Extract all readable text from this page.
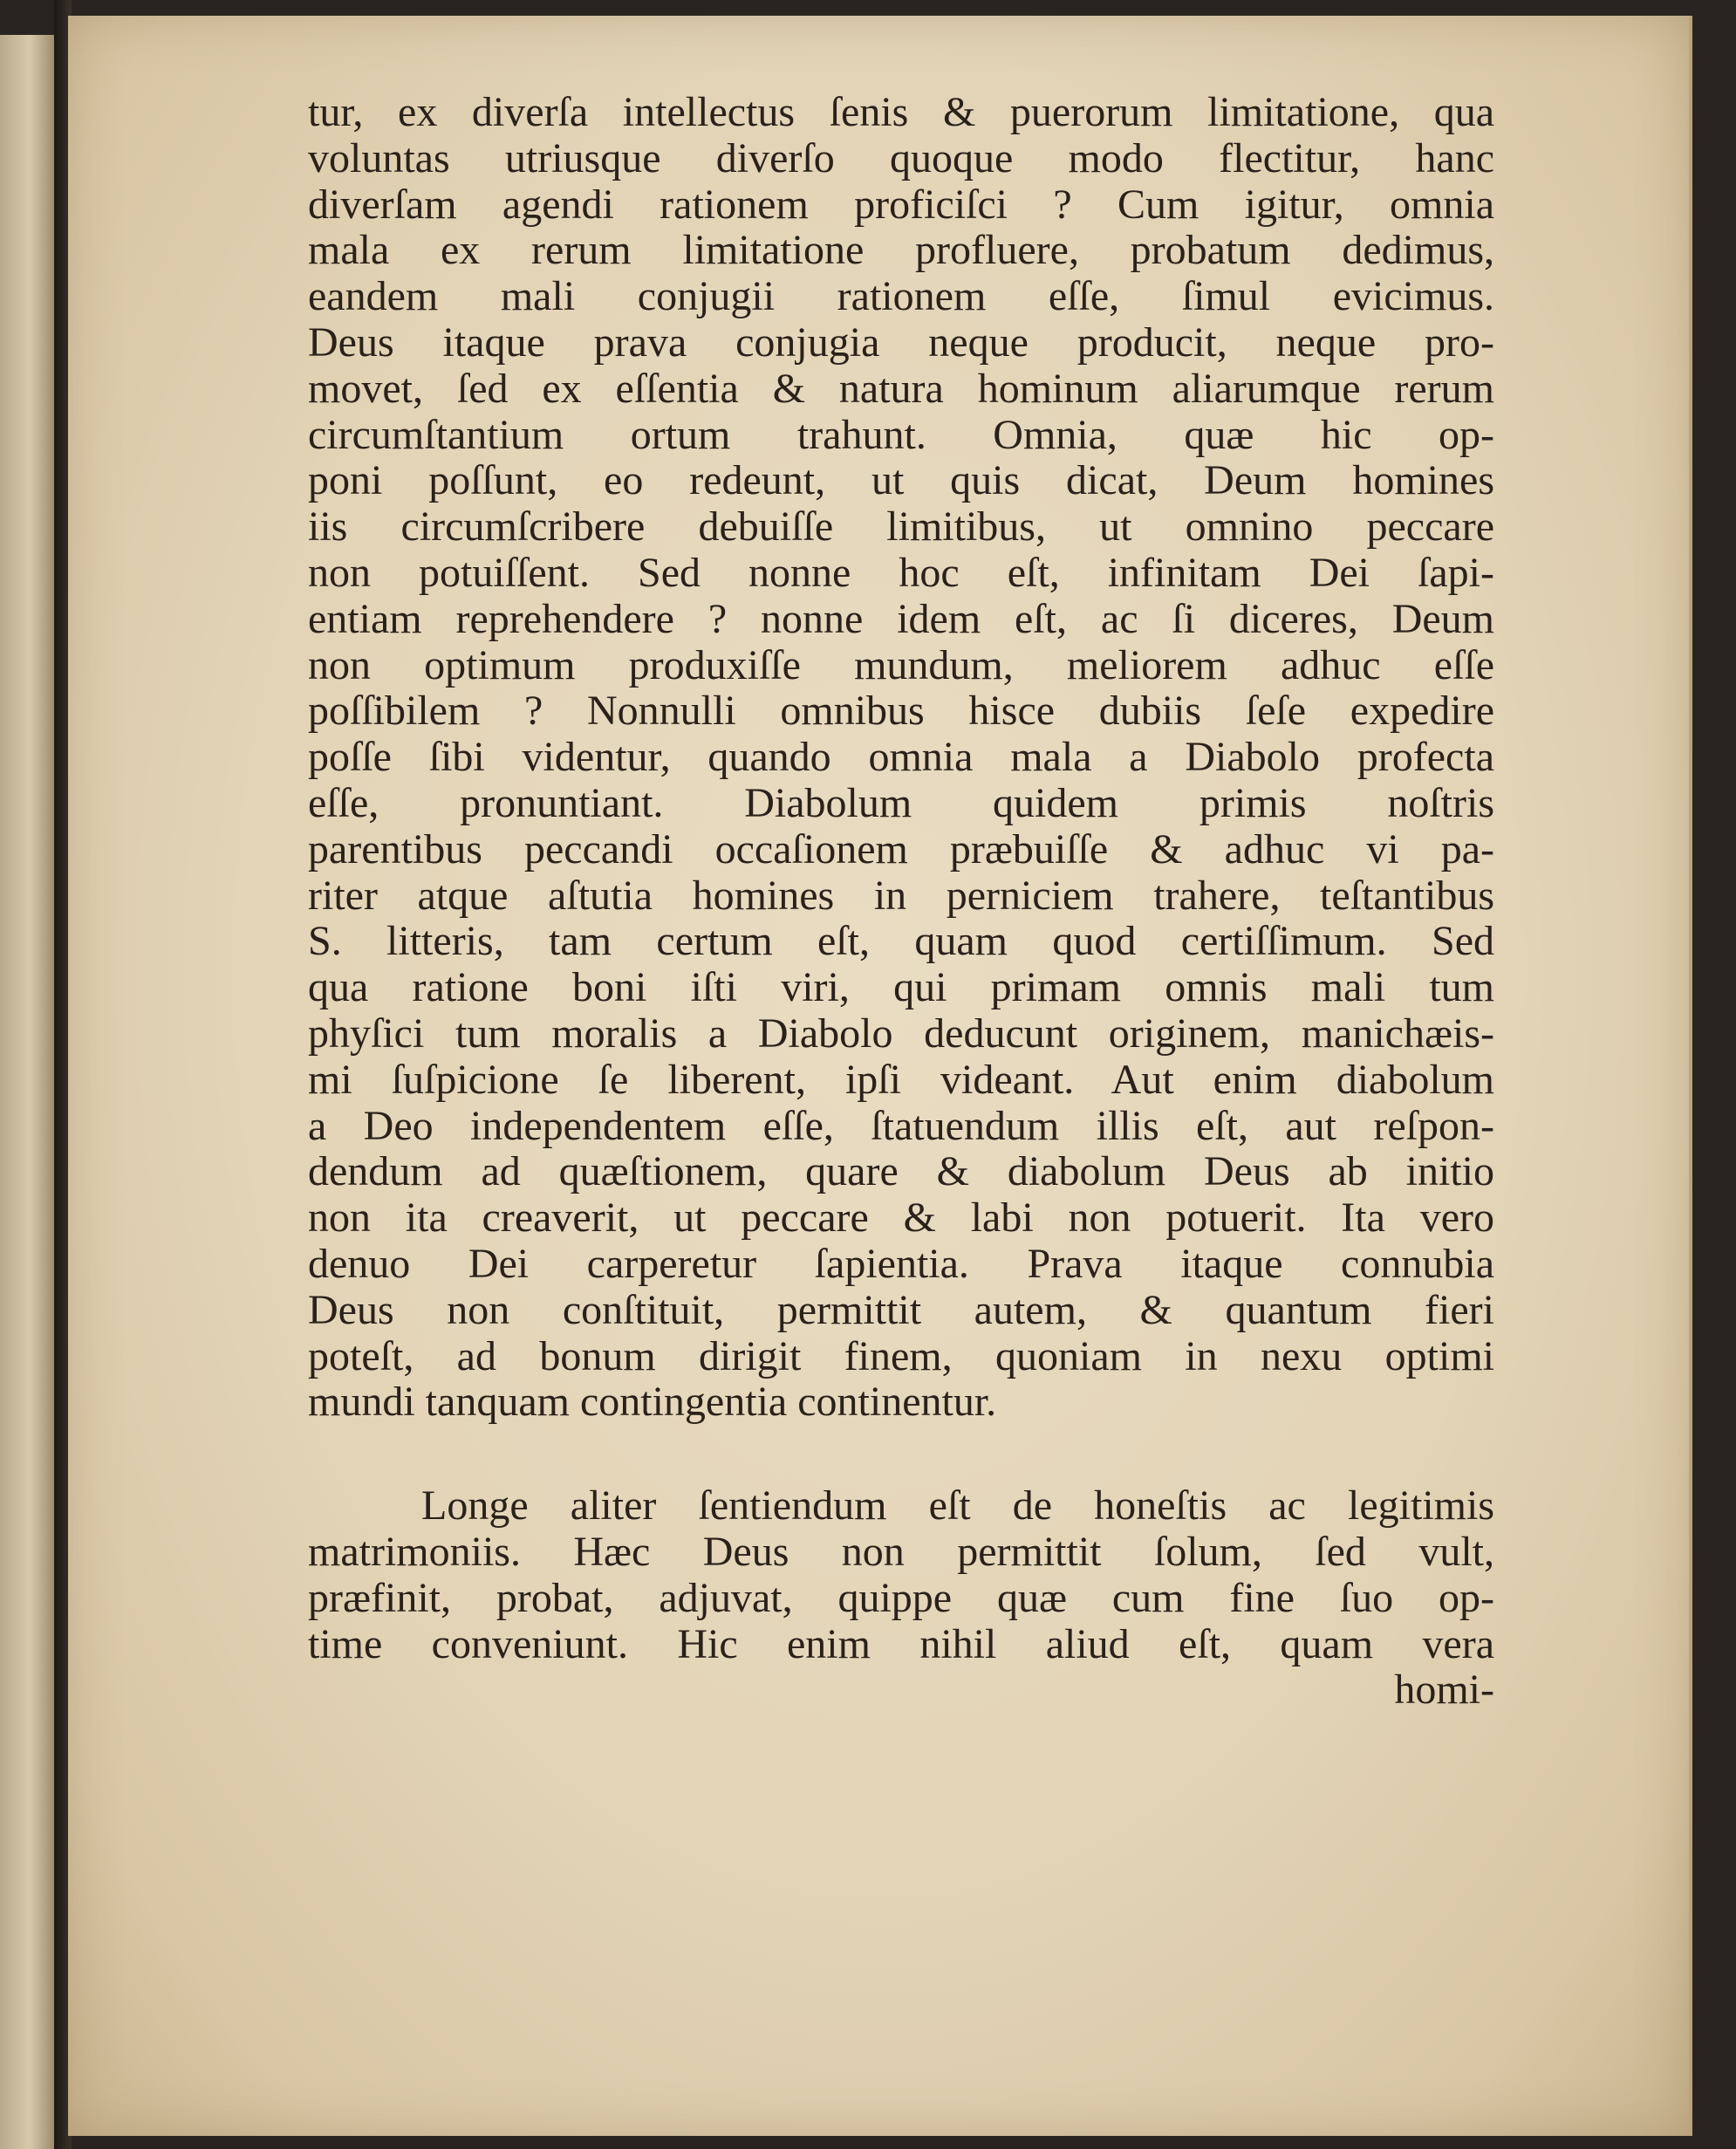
tur, ex diverſa intellectus ſenis & puerorum limitatione, qua
voluntas utriusque diverſo quoque modo flectitur, hanc
diverſam agendi rationem proficiſci ? Cum igitur, omnia
mala ex rerum limitatione profluere, probatum dedimus,
eandem mali conjugii rationem eſſe, ſimul evicimus.
Deus itaque prava conjugia neque producit, neque pro-
movet, ſed ex eſſentia & natura hominum aliarumque rerum
circumſtantium ortum trahunt. Omnia, quæ hic op-
poni poſſunt, eo redeunt, ut quis dicat, Deum homines
iis circumſcribere debuiſſe limitibus, ut omnino peccare
non potuiſſent. Sed nonne hoc eſt, infinitam Dei ſapi-
entiam reprehendere ? nonne idem eſt, ac ſi diceres, Deum
non optimum produxiſſe mundum, meliorem adhuc eſſe
poſſibilem ? Nonnulli omnibus hisce dubiis ſeſe expedire
poſſe ſibi videntur, quando omnia mala a Diabolo profecta
eſſe, pronuntiant. Diabolum quidem primis noſtris
parentibus peccandi occaſionem præbuiſſe & adhuc vi pa-
riter atque aſtutia homines in perniciem trahere, teſtantibus
S. litteris, tam certum eſt, quam quod certiſſimum. Sed
qua ratione boni iſti viri, qui primam omnis mali tum
phyſici tum moralis a Diabolo deducunt originem, manichæis-
mi ſuſpicione ſe liberent, ipſi videant. Aut enim diabolum
a Deo independentem eſſe, ſtatuendum illis eſt, aut reſpon-
dendum ad quæſtionem, quare & diabolum Deus ab initio
non ita creaverit, ut peccare & labi non potuerit. Ita vero
denuo Dei carperetur ſapientia. Prava itaque connubia
Deus non conſtituit, permittit autem, & quantum fieri
poteſt, ad bonum dirigit finem, quoniam in nexu optimi
mundi tanquam contingentia continentur.
Longe aliter ſentiendum eſt de honeſtis ac legitimis
matrimoniis. Hæc Deus non permittit ſolum, ſed vult,
præfinit, probat, adjuvat, quippe quæ cum fine ſuo op-
time conveniunt. Hic enim nihil aliud eſt, quam vera
homi-
